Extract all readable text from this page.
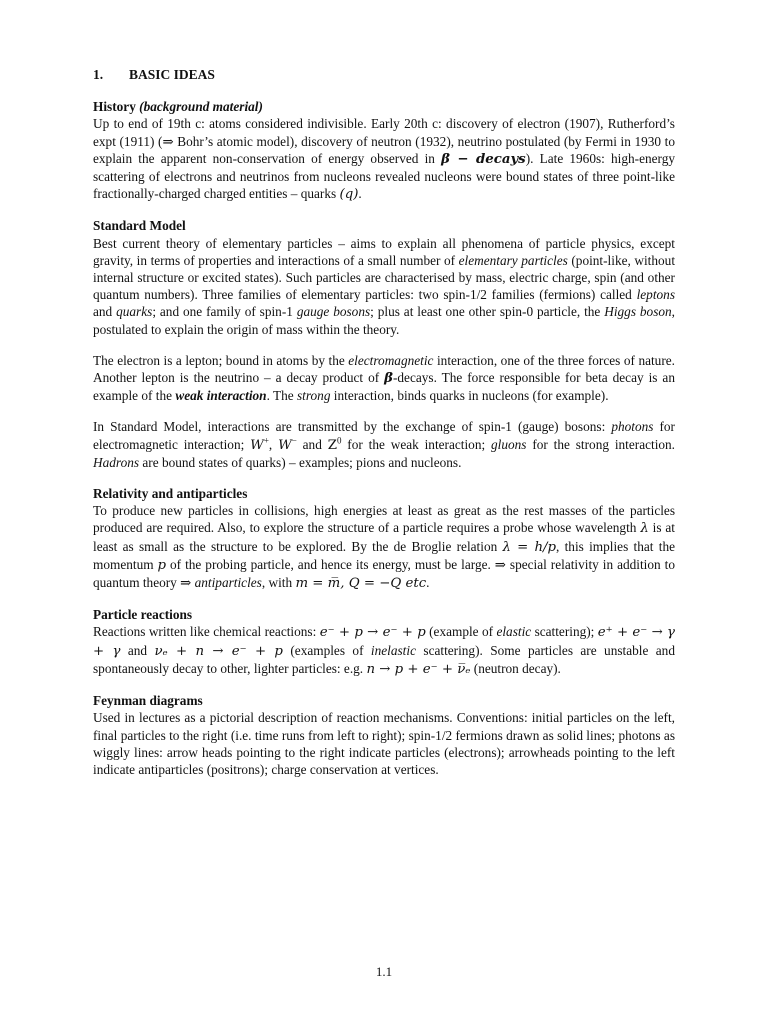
1.	BASIC IDEAS
History (background material)

Up to end of 19th c: atoms considered indivisible. Early 20th c: discovery of electron (1907), Rutherford’s expt (1911) (⇒ Bohr’s atomic model), discovery of neutron (1932), neutrino postulated (by Fermi in 1930 to explain the apparent non-conservation of energy observed in β − decays). Late 1960s: high-energy scattering of electrons and neutrinos from nucleons revealed nucleons were bound states of three point-like fractionally-charged charged entities – quarks (q).

Standard Model

Best current theory of elementary particles – aims to explain all phenomena of particle physics, except gravity, in terms of properties and interactions of a small number of elementary particles (point-like, without internal structure or excited states). Such particles are characterised by mass, electric charge, spin (and other quantum numbers). Three families of elementary particles: two spin-1/2 families (fermions) called leptons and quarks; and one family of spin-1 gauge bosons; plus at least one other spin-0 particle, the Higgs boson, postulated to explain the origin of mass within the theory.

The electron is a lepton; bound in atoms by the electromagnetic interaction, one of the three forces of nature. Another lepton is the neutrino – a decay product of β-decays. The force responsible for beta decay is an example of the weak interaction. The strong interaction, binds quarks in nucleons (for example).

In Standard Model, interactions are transmitted by the exchange of spin-1 (gauge) bosons: photons for electromagnetic interaction; W+, W− and $Z^0$ for the weak interaction; gluons for the strong interaction. Hadrons are bound states of quarks) – examples; pions and nucleons.

Relativity and antiparticles

To produce new particles in collisions, high energies at least as great as the rest masses of the particles produced are required. Also, to explore the structure of a particle requires a probe whose wavelength λ is at least as small as the structure to be explored. By the de Broglie relation λ = h/p, this implies that the momentum p of the probing particle, and hence its energy, must be large. ⇒ special relativity in addition to quantum theory ⇒ antiparticles, with m = m̅, Q = −Q etc.

Particle reactions

Reactions written like chemical reactions: e⁻ + p → e⁻ + p (example of elastic scattering); e⁺ + e⁻ → γ + γ and νₑ + n → e⁻ + p (examples of inelastic scattering). Some particles are unstable and spontaneously decay to other, lighter particles: e.g. n → p + e⁻ + ν̅ₑ (neutron decay).

Feynman diagrams

Used in lectures as a pictorial description of reaction mechanisms. Conventions: initial particles on the left, final particles to the right (i.e. time runs from left to right); spin-1/2 fermions drawn as solid lines; photons as wiggly lines: arrow heads pointing to the right indicate particles (electrons); arrowheads pointing to the left indicate antiparticles (positrons); charge conservation at vertices.

1.1
